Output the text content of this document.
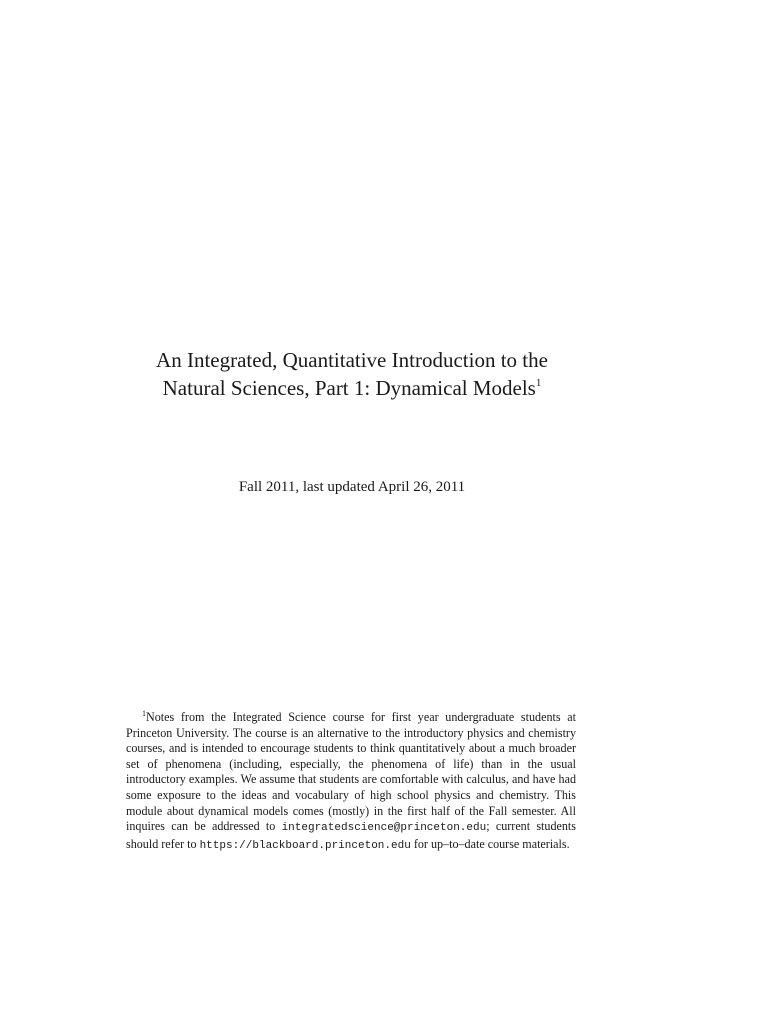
An Integrated, Quantitative Introduction to the
Natural Sciences, Part 1: Dynamical Models$^1$
Fall 2011, last updated April 26, 2011

$^1$Notes from the Integrated Science course for first year undergraduate students at Princeton University. The course is an alternative to the introductory physics and chemistry courses, and is intended to encourage students to think quantitatively about a much broader set of phenomena (including, especially, the phenomena of life) than in the usual introductory examples. We assume that students are comfortable with calculus, and have had some exposure to the ideas and vocabulary of high school physics and chemistry. This module about dynamical models comes (mostly) in the first half of the Fall semester. All inquires can be addressed to integratedscience@princeton.edu; current students should refer to https://blackboard.princeton.edu for up–to–date course materials.
